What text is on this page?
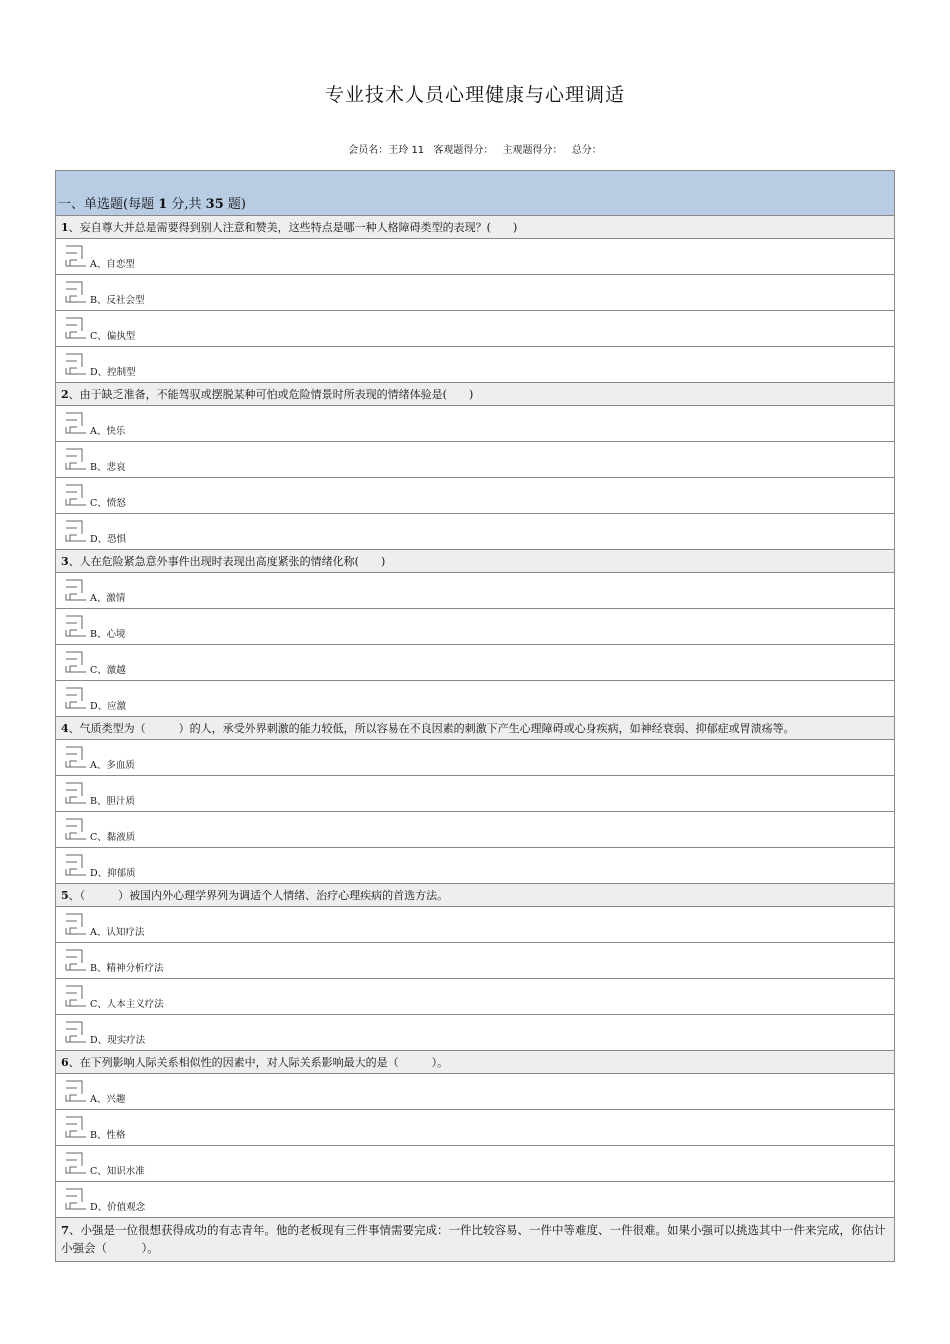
专业技术人员心理健康与心理调适
会员名：王玲 11 客观题得分： 主观题得分： 总分：
一、单选题(每题 1 分,共 35 题)
1、妄自尊大并总是需要得到别人注意和赞美，这些特点是哪一种人格障碍类型的表现？(　　)
A、自恋型
B、反社会型
C、偏执型
D、控制型
2、由于缺乏准备，不能驾驭或摆脱某种可怕或危险情景时所表现的情绪体验是(　　)
A、快乐
B、悲哀
C、愤怒
D、恐惧
3、人在危险紧急意外事件出现时表现出高度紧张的情绪化称(　　)
A、激情
B、心境
C、激越
D、应激
4、气质类型为（　　　）的人，承受外界刺激的能力较低，所以容易在不良因素的刺激下产生心理障碍或心身疾病，如神经衰弱、抑郁症或胃溃疡等。
A、多血质
B、胆汁质
C、黏液质
D、抑郁质
5、（　　　）被国内外心理学界列为调适个人情绪、治疗心理疾病的首选方法。
A、认知疗法
B、精神分析疗法
C、人本主义疗法
D、现实疗法
6、在下列影响人际关系相似性的因素中，对人际关系影响最大的是（　　　）。
A、兴趣
B、性格
C、知识水准
D、价值观念
7、小强是一位很想获得成功的有志青年。他的老板现有三件事情需要完成：一件比较容易、一件中等难度、一件很难。如果小强可以挑选其中一件来完成，你估计小强会（　　　）。
